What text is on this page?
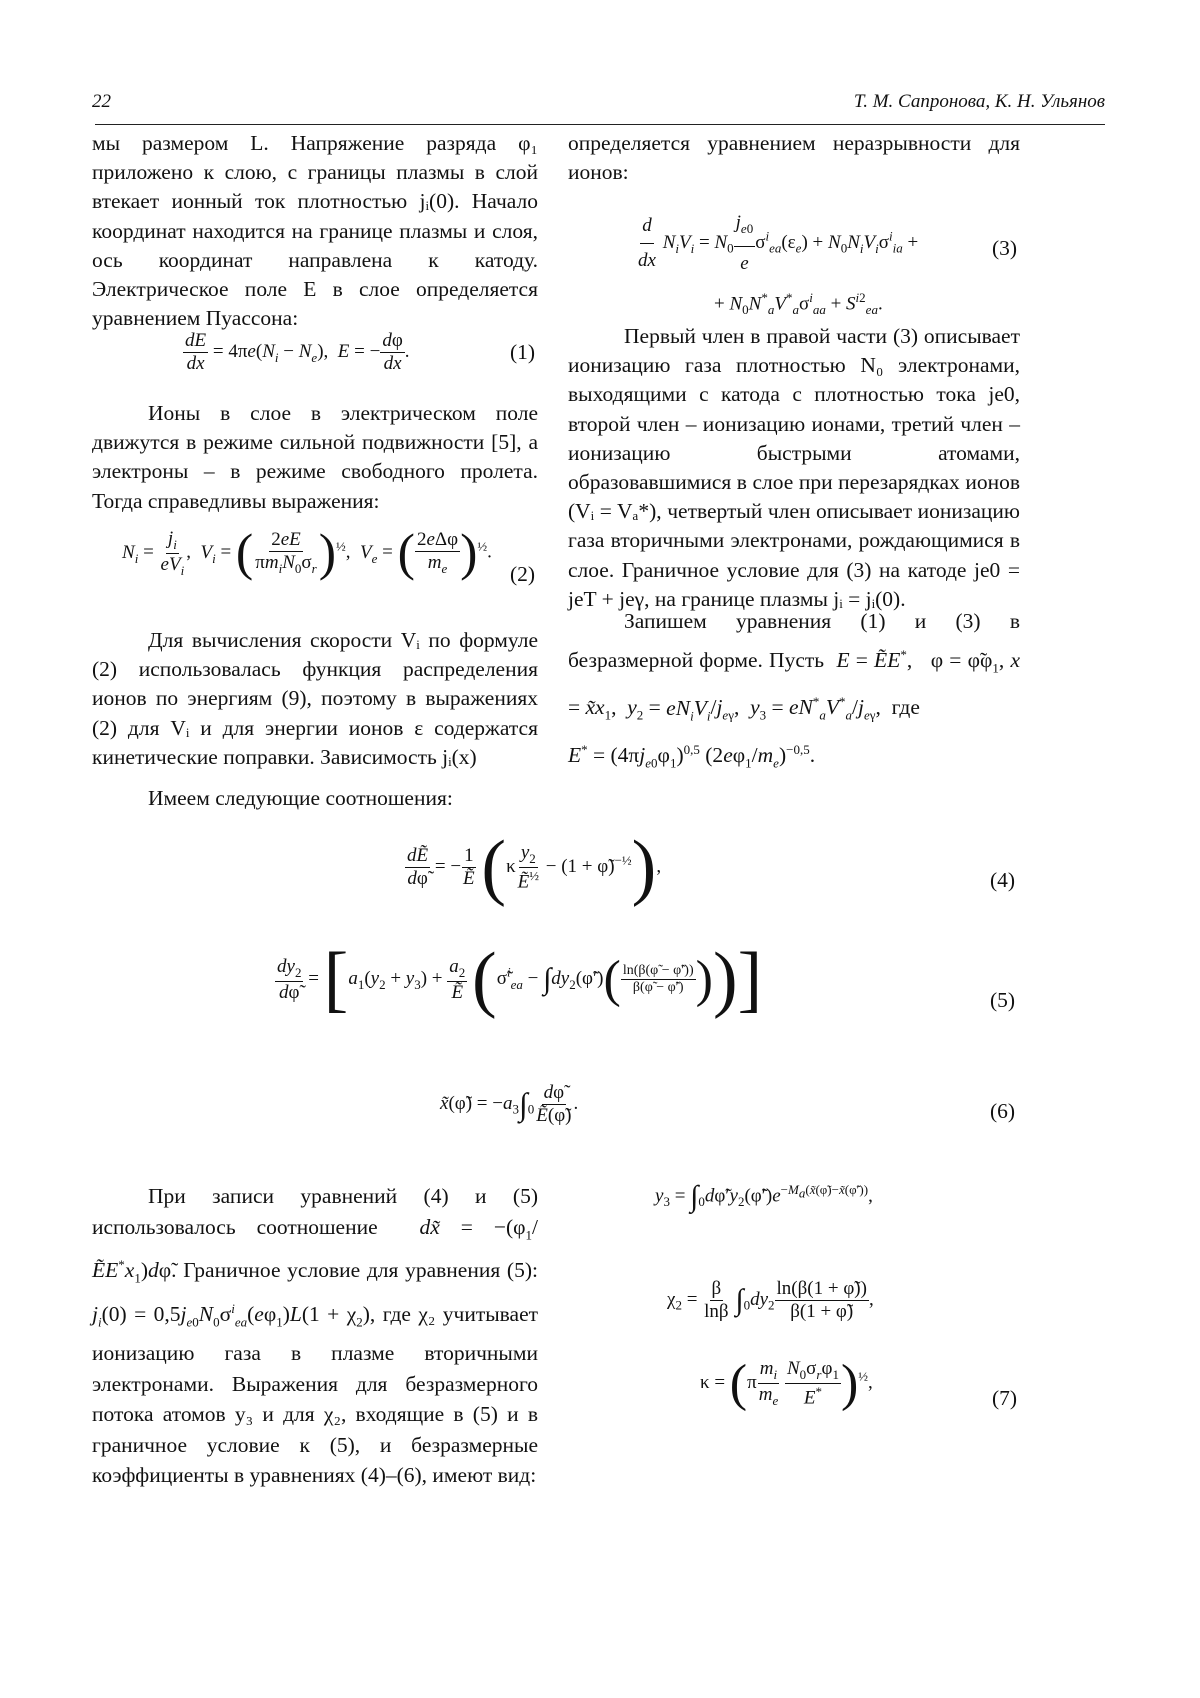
22	Т. М. Сапронова, К. Н. Ульянов

мы размером L. Напряжение разряда φ₁ приложено к слою, с границы плазмы в слой втекает ионный ток плотностью jᵢ(0). Начало координат находится на границе плазмы и слоя, ось координат направлена к катоду. Электрическое поле E в слое определяется уравнением Пуассона:

dE
dx
= 4πe(Ni − Ne),  E = −
dφ
dx
.	(1)

Ионы в слое в электрическом поле движутся в режиме сильной подвижности [5], а электроны – в режиме свободного пролета. Тогда справедливы выражения:

Ni =
ji
eVi
,  Vi = ( 2eE
πmiN0σr )½,  Ve = ( 2eΔφ
me )½.
(2)

Для вычисления скорости Vᵢ по формуле (2) использовалась функция распределения ионов по энергиям (9), поэтому в выражениях (2) для Vᵢ и для энергии ионов ε содержатся кинетические поправки. Зависимость jᵢ(x)

определяется уравнением неразрывности для ионов:

d
dx
NiVi = N0
je0
e
σiea(εe) + N0NiViσiia +
+ N0N*aV*aσiaa + Si2ea.
(3)

Первый член в правой части (3) описывает ионизацию газа плотностью N₀ электронами, выходящими с катода с плотностью тока je0, второй член – ионизацию ионами, третий член – ионизацию быстрыми атомами, образовавшимися в слое при перезарядках ионов (Vᵢ = Vₐ*), четвертый член описывает ионизацию газа вторичными электронами, рождающимися в слое. Граничное условие для (3) на катоде je0 = jeT + jeγ, на границе плазмы jᵢ = jᵢ(0).

Запишем уравнения (1) и (3) в безразмерной форме. Пусть E = ẼE*,   φ = φ̃φ1, x = x̃x1,  y2 = eNiVi/jeγ,  y3 = eN*aV*a/jeγ,  где
E* = (4πje0φ1)0,5 (2eφ1/me)−0,5.

Имеем следующие соотношения:

dẼ
dφ̃
= −
1
Ẽ (κ
y2
Ẽ½ − (1 + φ̃)−½),
(4)
dy2
dφ̃
= [a1(y2 + y3) +
a2
Ẽ (σ̃iea − ∫dy2(φ̃′)( ln(β(φ̃ − φ̃′))
β(φ̃ − φ̃′) ))]	(5)
x̃(φ̃) = −a3∫0
dφ̃
Ẽ(φ̃)
.	(6)

При записи уравнений (4) и (5) использовалось соотношение dx̃ = −(φ1/ẼE*x1)dφ̃. Граничное условие для уравнения (5): ji(0) = 0,5je0N0σiea(eφ1)L(1 + χ2), где χ₂ учитывает ионизацию газа в плазме вторичными электронами. Выражения для безразмерного потока атомов y₃ и для χ₂, входящие в (5) и в граничное условие к (5), и безразмерные коэффициенты в уравнениях (4)–(6), имеют вид:

y3 = ∫0dφ̃′y2(φ̃′)e−Ma(x̃(φ̃)−x̃(φ̃′)),
χ2 =
β
lnβ ∫0dy2
ln(β(1 + φ̃))
β(1 + φ̃)
,
κ = (π
mi
me

N0σrφ1
E* )½,
(7)
